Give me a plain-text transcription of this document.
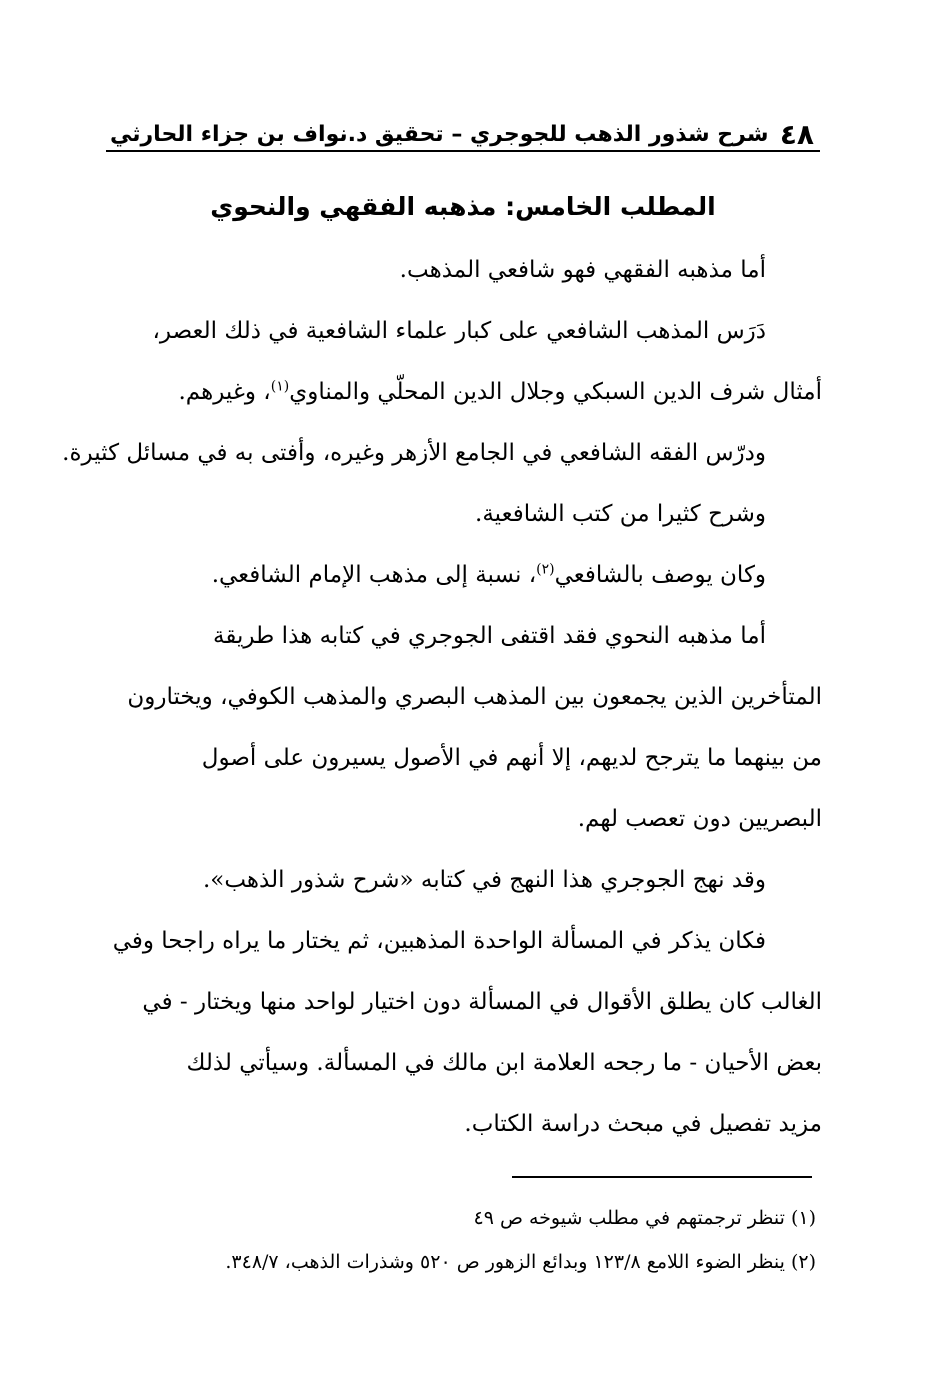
٤٨
شرح شذور الذهب للجوجري – تحقيق د.نواف بن جزاء الحارثي
المطلب الخامس: مذهبه الفقهي والنحوي

أما مذهبه الفقهي فهو شافعي المذهب.

دَرَس المذهب الشافعي على كبار علماء الشافعية في ذلك العصر،
أمثال شرف الدين السبكي وجلال الدين المحلّي والمناوي$^{(١)}$، وغيرهم.

ودرّس الفقه الشافعي في الجامع الأزهر وغيره، وأفتى به في مسائل كثيرة.

وشرح كثيرا من كتب الشافعية.

وكان يوصف بالشافعي$^{(٢)}$، نسبة إلى مذهب الإمام الشافعي.

أما مذهبه النحوي فقد اقتفى الجوجري في كتابه هذا طريقة
المتأخرين الذين يجمعون بين المذهب البصري والمذهب الكوفي، ويختارون
من بينهما ما يترجح لديهم، إلا أنهم في الأصول يسيرون على أصول
البصريين دون تعصب لهم.

وقد نهج الجوجري هذا النهج في كتابه «شرح شذور الذهب».

فكان يذكر في المسألة الواحدة المذهبين، ثم يختار ما يراه راجحا وفي
الغالب كان يطلق الأقوال في المسألة دون اختيار لواحد منها ويختار - في
بعض الأحيان - ما رجحه العلامة ابن مالك في المسألة. وسيأتي لذلك
مزيد تفصيل في مبحث دراسة الكتاب.

(١) تنظر ترجمتهم في مطلب شيوخه ص ٤٩
(٢) ينظر الضوء اللامع ١٢٣/٨ وبدائع الزهور ص ٥٢٠ وشذرات الذهب، ٣٤٨/٧.
